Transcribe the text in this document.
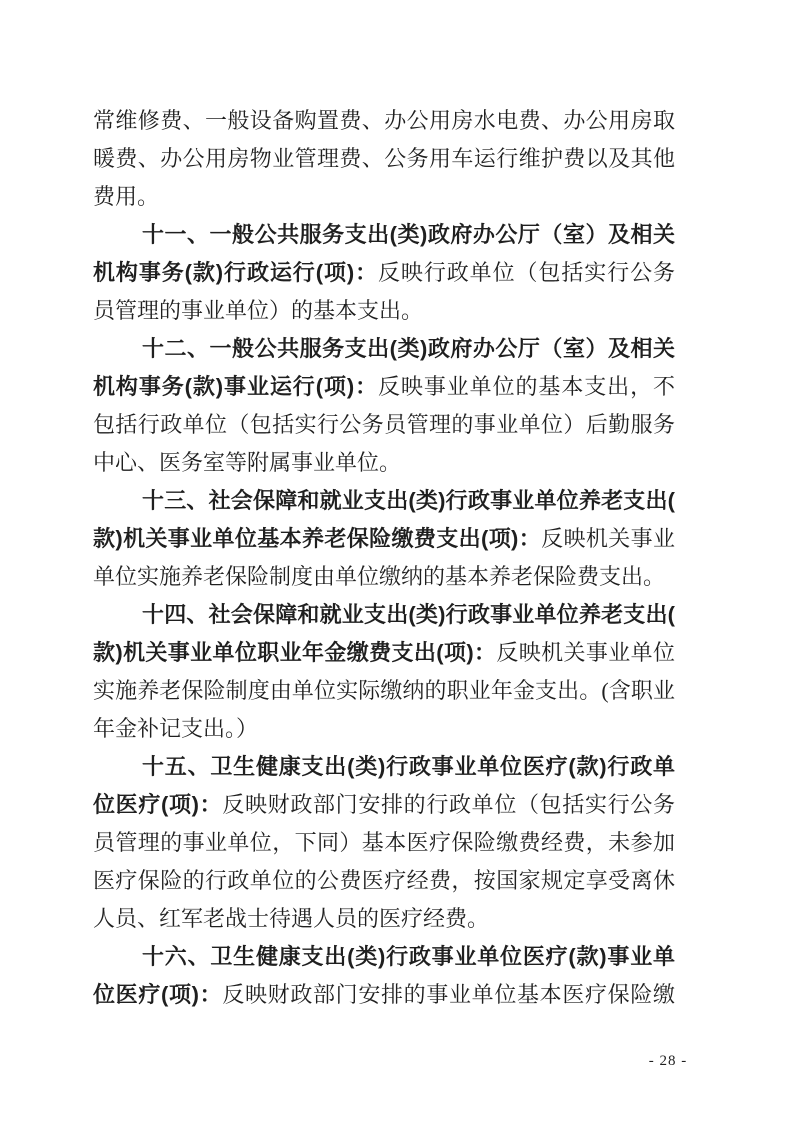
常维修费、一般设备购置费、办公用房水电费、办公用房取
暖费、办公用房物业管理费、公务用车运行维护费以及其他
费用。
十一、一般公共服务支出(类)政府办公厅（室）及相关
机构事务(款)行政运行(项)：反映行政单位（包括实行公务
员管理的事业单位）的基本支出。
十二、一般公共服务支出(类)政府办公厅（室）及相关
机构事务(款)事业运行(项)：反映事业单位的基本支出，不
包括行政单位（包括实行公务员管理的事业单位）后勤服务
中心、医务室等附属事业单位。
十三、社会保障和就业支出(类)行政事业单位养老支出(
款)机关事业单位基本养老保险缴费支出(项)：反映机关事业
单位实施养老保险制度由单位缴纳的基本养老保险费支出。
十四、社会保障和就业支出(类)行政事业单位养老支出(
款)机关事业单位职业年金缴费支出(项)：反映机关事业单位
实施养老保险制度由单位实际缴纳的职业年金支出。(含职业
年金补记支出。）
十五、卫生健康支出(类)行政事业单位医疗(款)行政单
位医疗(项)：反映财政部门安排的行政单位（包括实行公务
员管理的事业单位，下同）基本医疗保险缴费经费，未参加
医疗保险的行政单位的公费医疗经费，按国家规定享受离休
人员、红军老战士待遇人员的医疗经费。
十六、卫生健康支出(类)行政事业单位医疗(款)事业单
位医疗(项)：反映财政部门安排的事业单位基本医疗保险缴
- 28 -
